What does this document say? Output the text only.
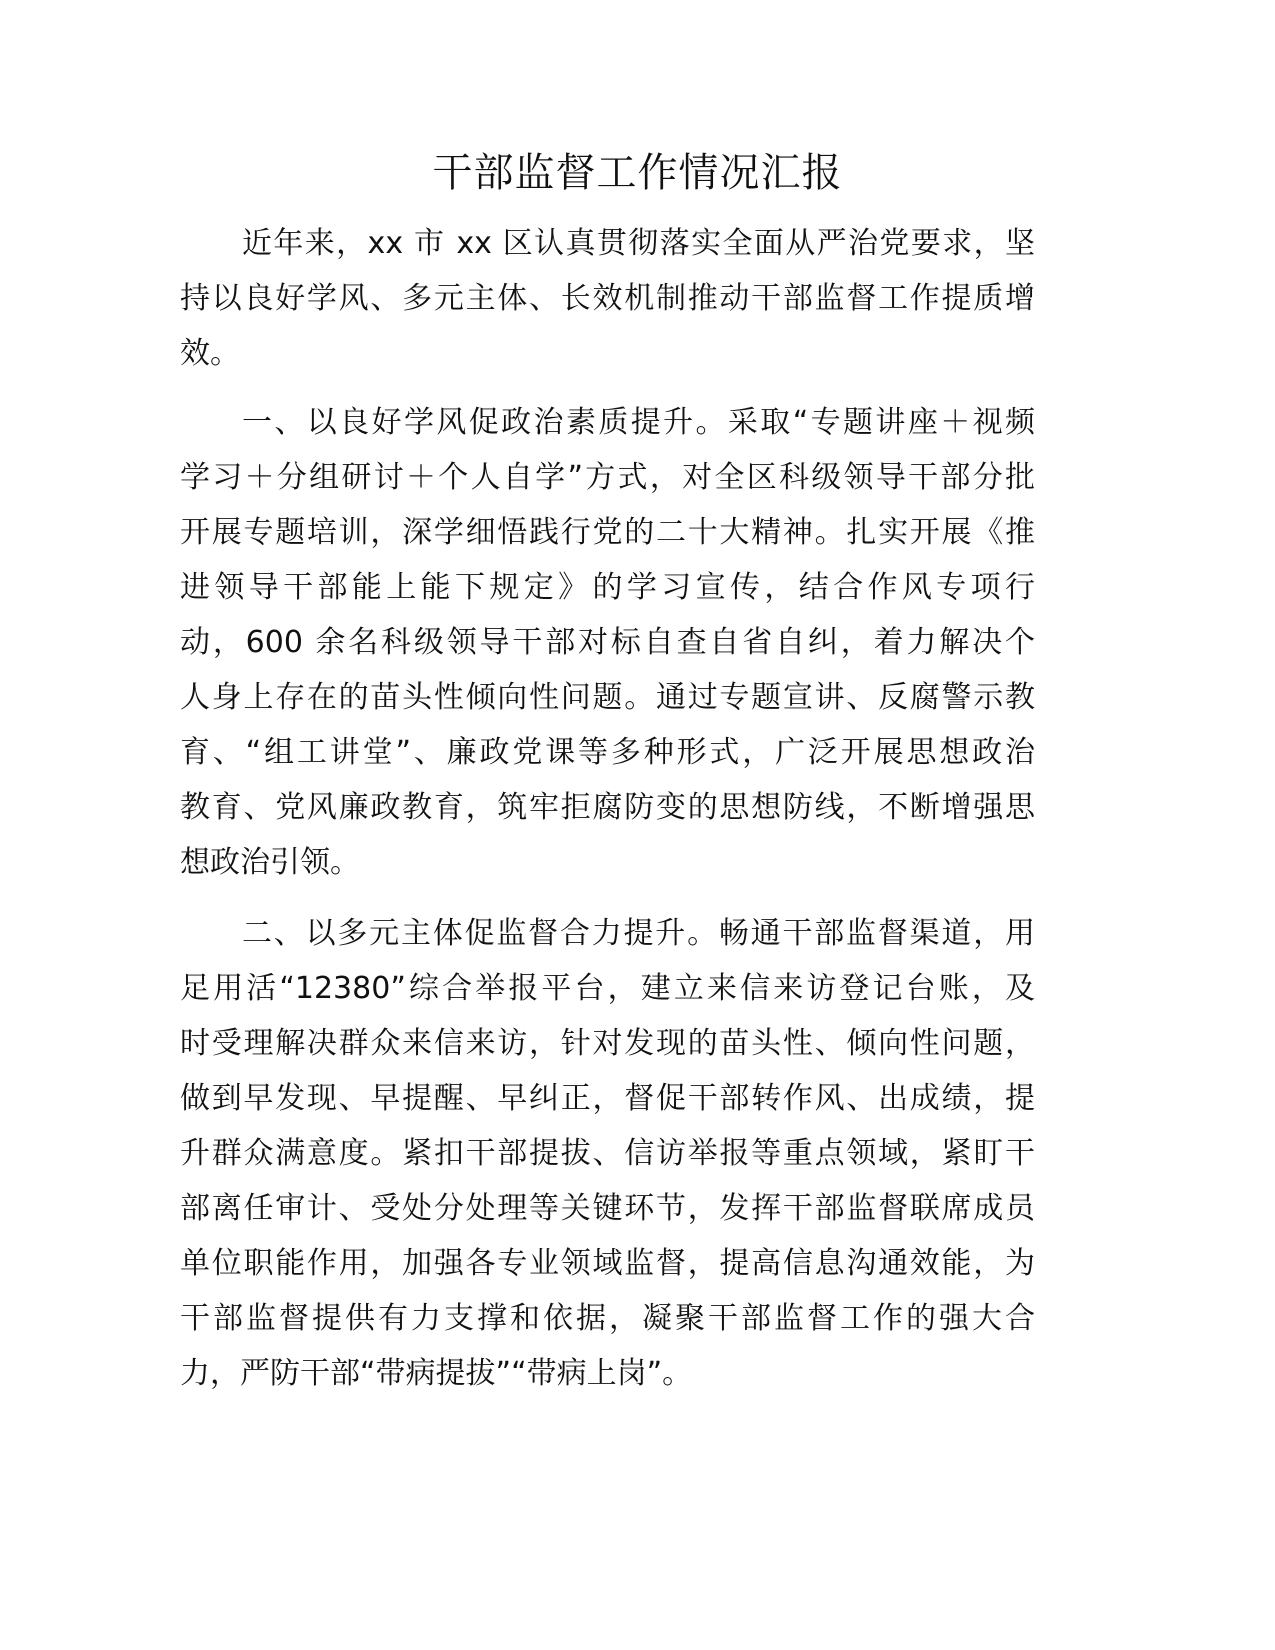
干部监督工作情况汇报
近年来，xx 市 xx 区认真贯彻落实全面从严治党要求，坚
持以良好学风、多元主体、长效机制推动干部监督工作提质增
效。
一、以良好学风促政治素质提升。采取“专题讲座＋视频
学习＋分组研讨＋个人自学”方式，对全区科级领导干部分批
开展专题培训，深学细悟践行党的二十大精神。扎实开展《推
进领导干部能上能下规定》的学习宣传，结合作风专项行
动，600 余名科级领导干部对标自查自省自纠，着力解决个
人身上存在的苗头性倾向性问题。通过专题宣讲、反腐警示教
育、“组工讲堂”、廉政党课等多种形式，广泛开展思想政治
教育、党风廉政教育，筑牢拒腐防变的思想防线，不断增强思
想政治引领。
二、以多元主体促监督合力提升。畅通干部监督渠道，用
足用活“12380”综合举报平台，建立来信来访登记台账，及
时受理解决群众来信来访，针对发现的苗头性、倾向性问题，
做到早发现、早提醒、早纠正，督促干部转作风、出成绩，提
升群众满意度。紧扣干部提拔、信访举报等重点领域，紧盯干
部离任审计、受处分处理等关键环节，发挥干部监督联席成员
单位职能作用，加强各专业领域监督，提高信息沟通效能，为
干部监督提供有力支撑和依据，凝聚干部监督工作的强大合
力，严防干部“带病提拔”“带病上岗”。
